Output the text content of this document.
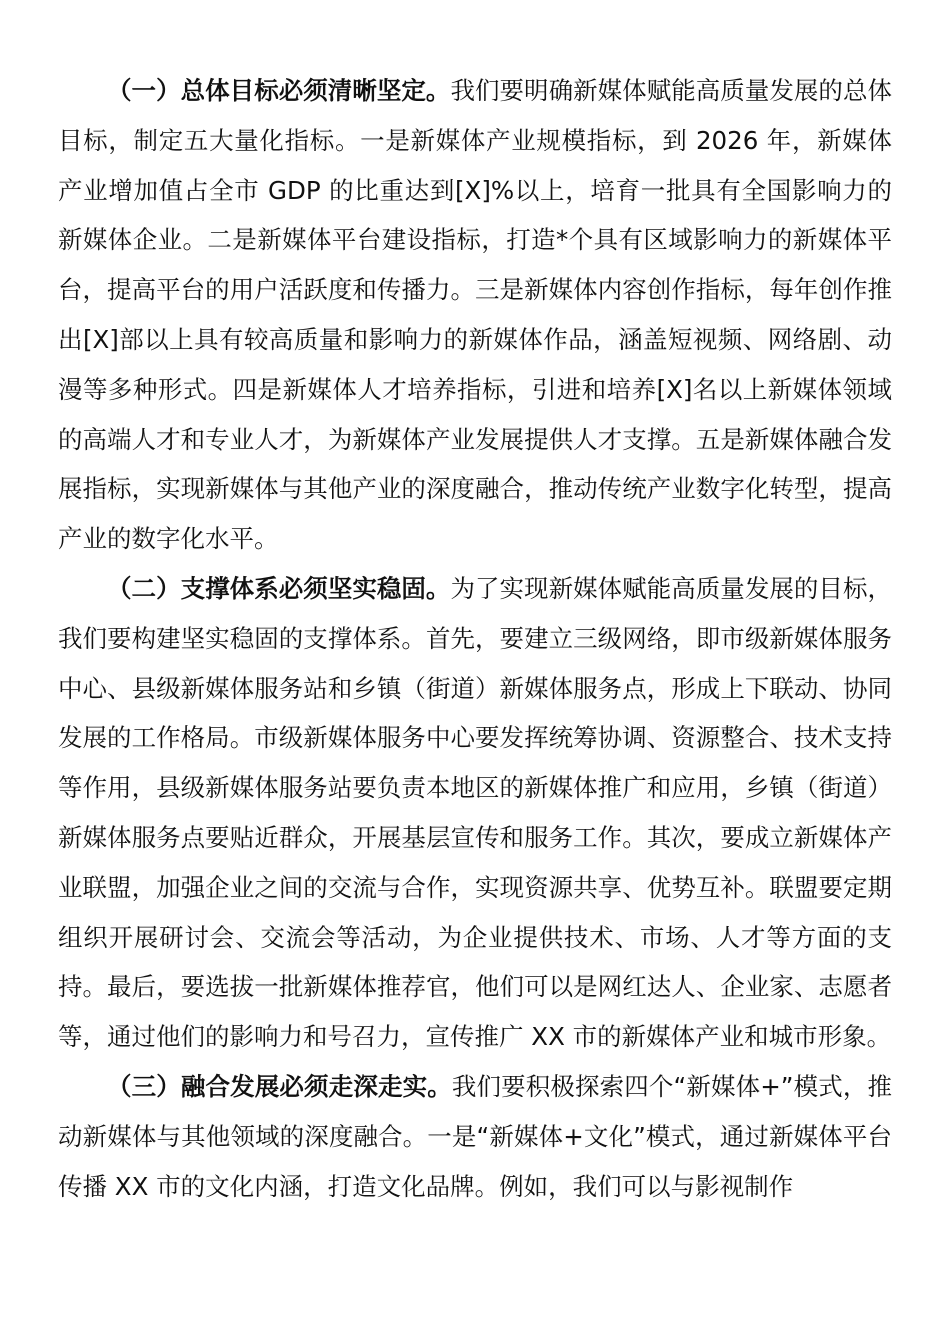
（一）总体目标必须清晰坚定。我们要明确新媒体赋能高质量发展的总体目标，制定五大量化指标。一是新媒体产业规模指标，到 2026 年，新媒体产业增加值占全市 GDP 的比重达到[X]%以上，培育一批具有全国影响力的新媒体企业。二是新媒体平台建设指标，打造*个具有区域影响力的新媒体平台，提高平台的用户活跃度和传播力。三是新媒体内容创作指标，每年创作推出[X]部以上具有较高质量和影响力的新媒体作品，涵盖短视频、网络剧、动漫等多种形式。四是新媒体人才培养指标，引进和培养[X]名以上新媒体领域的高端人才和专业人才，为新媒体产业发展提供人才支撑。五是新媒体融合发展指标，实现新媒体与其他产业的深度融合，推动传统产业数字化转型，提高产业的数字化水平。

（二）支撑体系必须坚实稳固。为了实现新媒体赋能高质量发展的目标，我们要构建坚实稳固的支撑体系。首先，要建立三级网络，即市级新媒体服务中心、县级新媒体服务站和乡镇（街道）新媒体服务点，形成上下联动、协同发展的工作格局。市级新媒体服务中心要发挥统筹协调、资源整合、技术支持等作用，县级新媒体服务站要负责本地区的新媒体推广和应用，乡镇（街道）新媒体服务点要贴近群众，开展基层宣传和服务工作。其次，要成立新媒体产业联盟，加强企业之间的交流与合作，实现资源共享、优势互补。联盟要定期组织开展研讨会、交流会等活动，为企业提供技术、市场、人才等方面的支持。最后，要选拔一批新媒体推荐官，他们可以是网红达人、企业家、志愿者等，通过他们的影响力和号召力，宣传推广 XX 市的新媒体产业和城市形象。

（三）融合发展必须走深走实。我们要积极探索四个“新媒体+”模式，推动新媒体与其他领域的深度融合。一是“新媒体+文化”模式，通过新媒体平台传播 XX 市的文化内涵，打造文化品牌。例如，我们可以与影视制作
